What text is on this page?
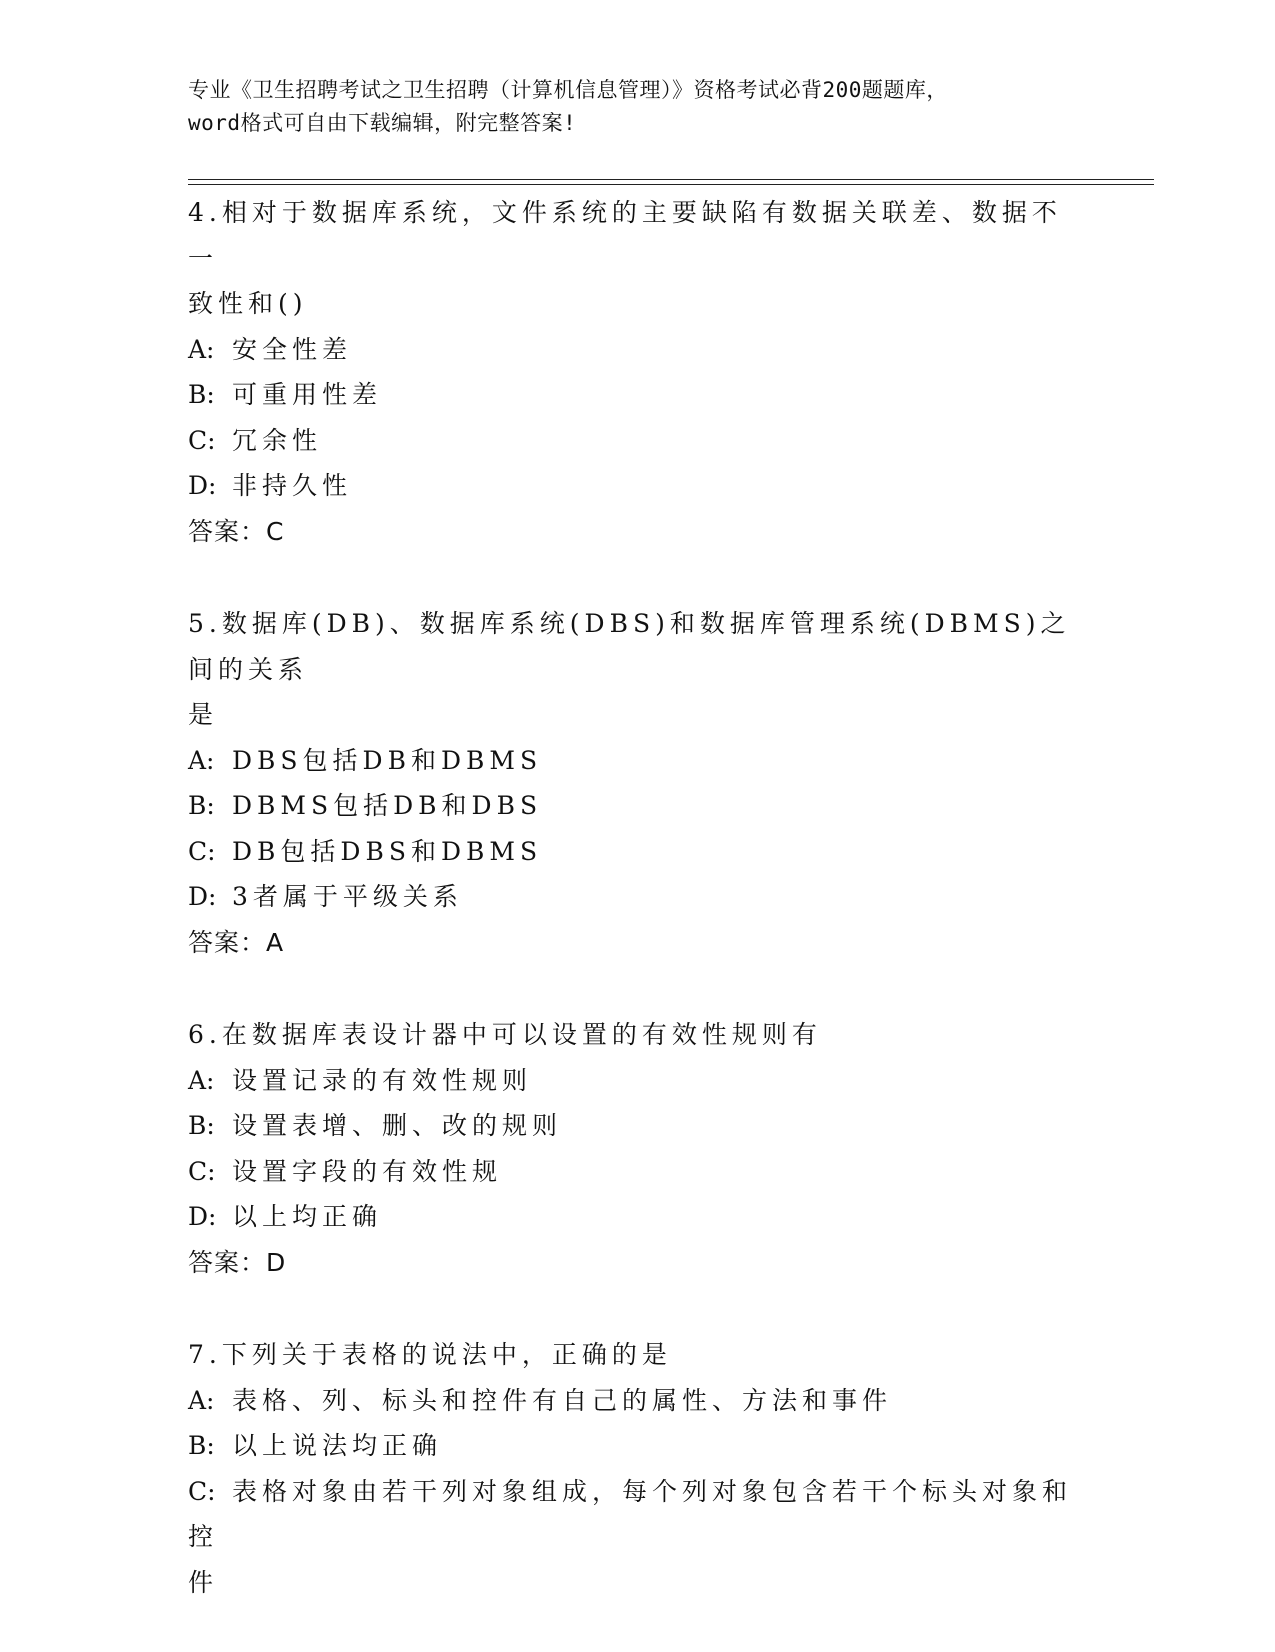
专业《卫生招聘考试之卫生招聘（计算机信息管理）》资格考试必背200题题库，
word格式可自由下载编辑，附完整答案!
4.相对于数据库系统，文件系统的主要缺陷有数据关联差、数据不一
致性和()
A: 安全性差
B: 可重用性差
C: 冗余性
D: 非持久性
答案：C
5.数据库(DB)、数据库系统(DBS)和数据库管理系统(DBMS)之间的关系
是
A: DBS包括DB和DBMS
B: DBMS包括DB和DBS
C: DB包括DBS和DBMS
D: 3者属于平级关系
答案：A
6.在数据库表设计器中可以设置的有效性规则有
A: 设置记录的有效性规则
B: 设置表增、删、改的规则
C: 设置字段的有效性规
D: 以上均正确
答案：D
7.下列关于表格的说法中，正确的是
A: 表格、列、标头和控件有自己的属性、方法和事件
B: 以上说法均正确
C: 表格对象由若干列对象组成，每个列对象包含若干个标头对象和控
件
